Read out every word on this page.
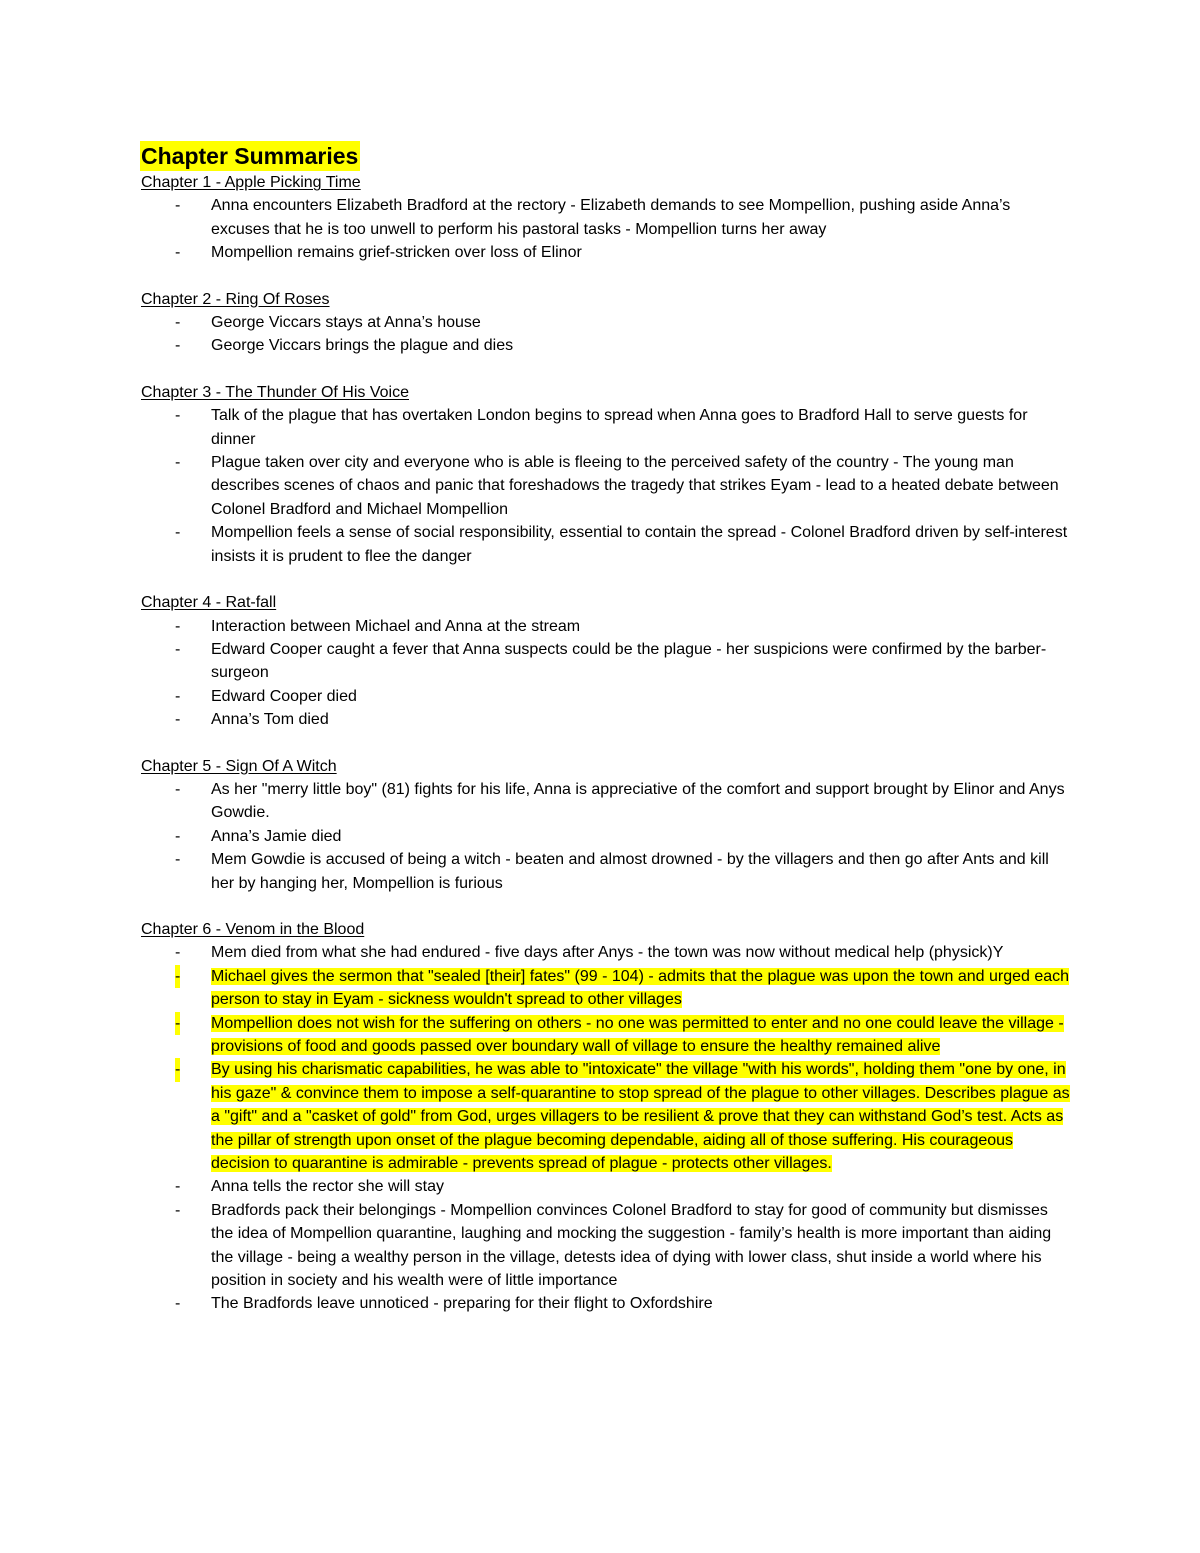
Chapter Summaries
Chapter 1 - Apple Picking Time
- Anna encounters Elizabeth Bradford at the rectory - Elizabeth demands to see Mompellion, pushing aside Anna’s excuses that he is too unwell to perform his pastoral tasks - Mompellion turns her away
- Mompellion remains grief-stricken over loss of Elinor
Chapter 2 - Ring Of Roses
- George Viccars stays at Anna’s house
- George Viccars brings the plague and dies
Chapter 3 - The Thunder Of His Voice
- Talk of the plague that has overtaken London begins to spread when Anna goes to Bradford Hall to serve guests for dinner
- Plague taken over city and everyone who is able is fleeing to the perceived safety of the country - The young man describes scenes of chaos and panic that foreshadows the tragedy that strikes Eyam - lead to a heated debate between Colonel Bradford and Michael Mompellion
- Mompellion feels a sense of social responsibility, essential to contain the spread - Colonel Bradford driven by self-interest insists it is prudent to flee the danger
Chapter 4 - Rat-fall
- Interaction between Michael and Anna at the stream
- Edward Cooper caught a fever that Anna suspects could be the plague - her suspicions were confirmed by the barber-surgeon
- Edward Cooper died
- Anna’s Tom died
Chapter 5 - Sign Of A Witch
- As her "merry little boy" (81) fights for his life, Anna is appreciative of the comfort and support brought by Elinor and Anys Gowdie.
- Anna’s Jamie died
- Mem Gowdie is accused of being a witch - beaten and almost drowned - by the villagers and then go after Ants and kill her by hanging her, Mompellion is furious
Chapter 6 - Venom in the Blood
- Mem died from what she had endured - five days after Anys - the town was now without medical help (physick)Y
- Michael gives the sermon that "sealed [their] fates" (99 - 104) - admits that the plague was upon the town and urged each person to stay in Eyam - sickness wouldn't spread to other villages
- Mompellion does not wish for the suffering on others - no one was permitted to enter and no one could leave the village - provisions of food and goods passed over boundary wall of village to ensure the healthy remained alive
- By using his charismatic capabilities, he was able to "intoxicate" the village "with his words", holding them "one by one, in his gaze" & convince them to impose a self-quarantine to stop spread of the plague to other villages. Describes plague as a "gift" and a "casket of gold" from God, urges villagers to be resilient & prove that they can withstand God’s test. Acts as the pillar of strength upon onset of the plague becoming dependable, aiding all of those suffering. His courageous decision to quarantine is admirable - prevents spread of plague - protects other villages.
- Anna tells the rector she will stay
- Bradfords pack their belongings - Mompellion convinces Colonel Bradford to stay for good of community but dismisses the idea of Mompellion quarantine, laughing and mocking the suggestion - family’s health is more important than aiding the village - being a wealthy person in the village, detests idea of dying with lower class, shut inside a world where his position in society and his wealth were of little importance
- The Bradfords leave unnoticed - preparing for their flight to Oxfordshire
